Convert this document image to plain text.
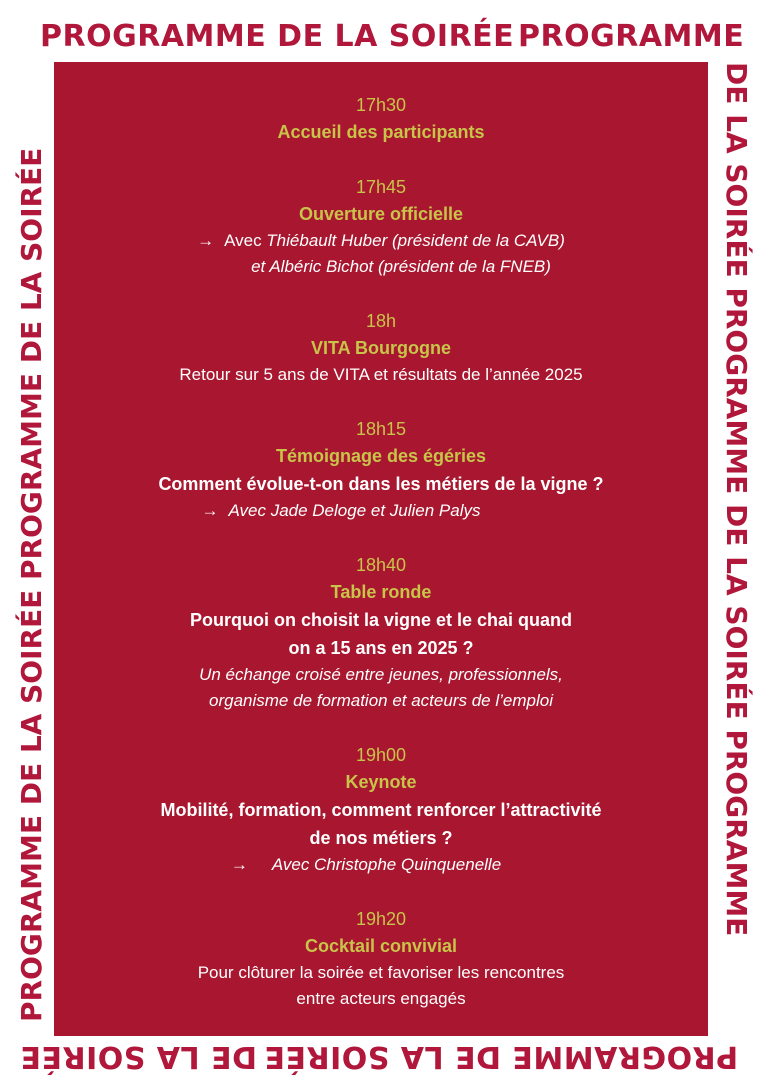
PROGRAMME DE LA SOIRÉE PROGRAMME
PROGRAMME DE LA SOIRÉE
DE LA SOIRÉE
PROGRAMME DE LA SOIRÉE PROGRAMME DE LA SOIRÉE	DE LA SOIRÉE PROGRAMME DE LA SOIRÉE PROGRAMME
17h30
Accueil des participants
17h45
Ouverture officielle
→ Avec Thiébault Huber (président de la CAVB)
et Albéric Bichot (président de la FNEB)
18h
VITA Bourgogne
Retour sur 5 ans de VITA et résultats de l’année 2025
18h15
Témoignage des égéries
Comment évolue-t-on dans les métiers de la vigne ?
→ Avec Jade Deloge et Julien Palys
18h40
Table ronde
Pourquoi on choisit la vigne et le chai quand
on a 15 ans en 2025 ?
Un échange croisé entre jeunes, professionnels,
organisme de formation et acteurs de l’emploi
19h00
Keynote
Mobilité, formation, comment renforcer l’attractivité
de nos métiers ?
→ Avec Christophe Quinquenelle
19h20
Cocktail convivial
Pour clôturer la soirée et favoriser les rencontres
entre acteurs engagés
